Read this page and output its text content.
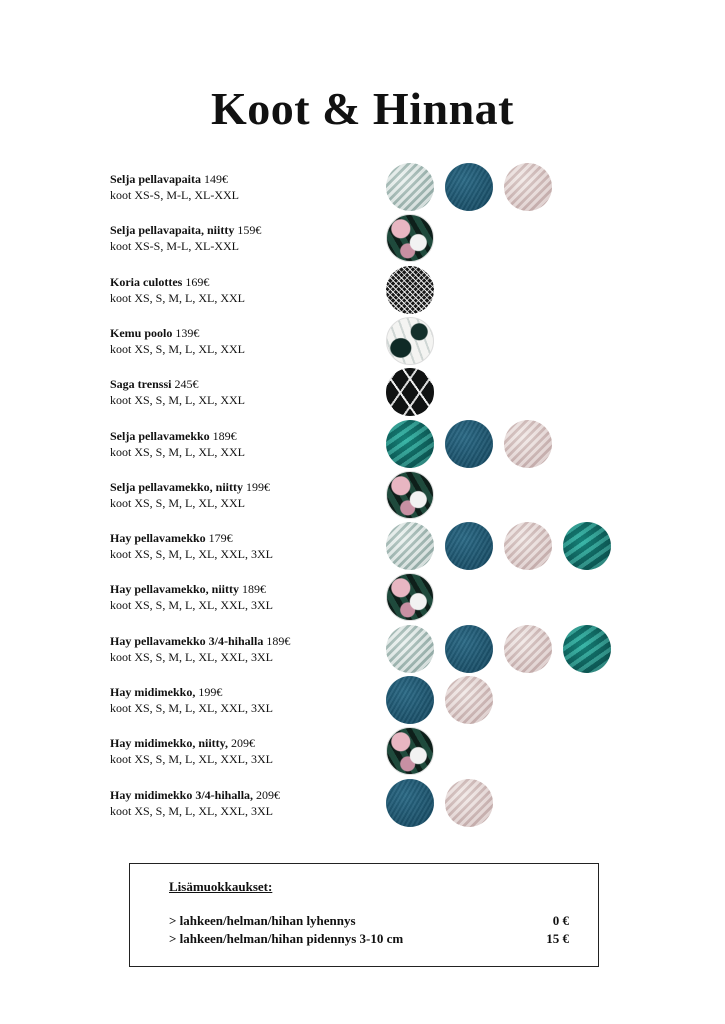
Koot & Hinnat
Selja pellavapaita 149€
koot XS-S, M-L, XL-XXL
Selja pellavapaita, niitty 159€
koot XS-S, M-L, XL-XXL
Koria culottes 169€
koot XS, S, M, L, XL, XXL
Kemu poolo 139€
koot XS, S, M, L, XL, XXL
Saga trenssi 245€
koot XS, S, M, L, XL, XXL
Selja pellavamekko 189€
koot XS, S, M, L, XL, XXL
Selja pellavamekko, niitty 199€
koot XS, S, M, L, XL, XXL
Hay pellavamekko 179€
koot XS, S, M, L, XL, XXL, 3XL
Hay pellavamekko, niitty 189€
koot XS, S, M, L, XL, XXL, 3XL
Hay pellavamekko 3/4-hihalla 189€
koot XS, S, M, L, XL, XXL, 3XL
Hay midimekko, 199€
koot XS, S, M, L, XL, XXL, 3XL
Hay midimekko, niitty, 209€
koot XS, S, M, L, XL, XXL, 3XL
Hay midimekko 3/4-hihalla, 209€
koot XS, S, M, L, XL, XXL, 3XL
Lisämuokkaukset:
> lahkeen/helman/hihan lyhennys	0 €
> lahkeen/helman/hihan pidennys 3-10 cm	15 €
